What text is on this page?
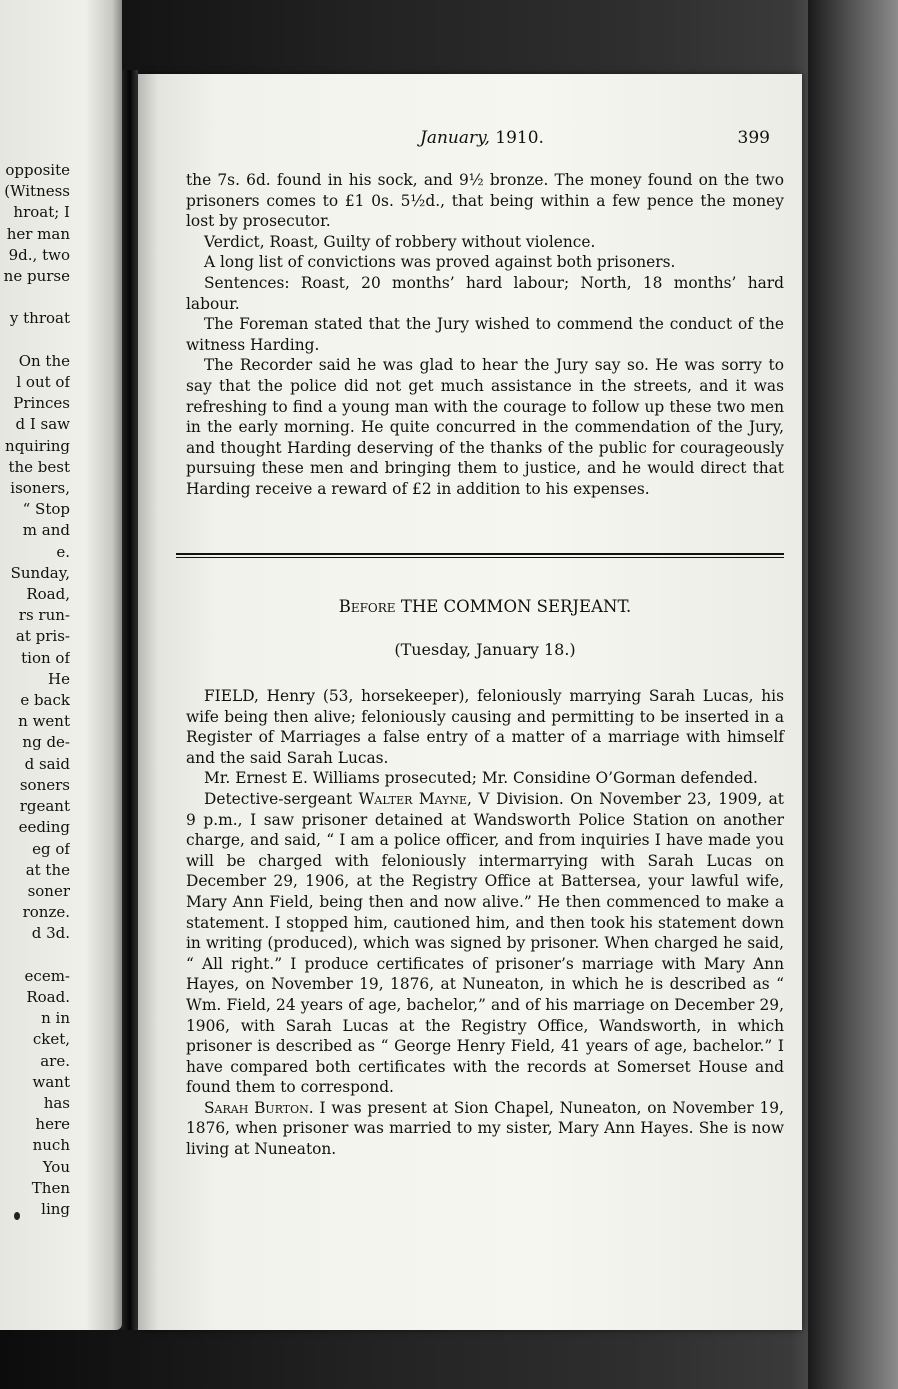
opposite
(Witness
hroat; I
her man
9d., two
ne purse

y throat

On the
l out of
Princes
d I saw
nquiring
the best
isoners,
“ Stop
m and
e.
Sunday,
Road,
rs run-
at pris-
tion of
He
e back
n went
ng de-
d said
soners
rgeant
eeding
eg of
at the
soner
ronze.
d 3d.

ecem-
Road.
n in
cket,
are.
want
has
here
nuch
You
Then
ling
January, 1910.	399

the 7s. 6d. found in his sock, and 9½ bronze. The money found on the two prisoners comes to £1 0s. 5½d., that being within a few pence the money lost by prosecutor.

Verdict, Roast, Guilty of robbery without violence.

A long list of convictions was proved against both prisoners.

Sentences: Roast, 20 months’ hard labour; North, 18 months’ hard labour.

The Foreman stated that the Jury wished to commend the conduct of the witness Harding.

The Recorder said he was glad to hear the Jury say so. He was sorry to say that the police did not get much assistance in the streets, and it was refreshing to find a young man with the courage to follow up these two men in the early morning. He quite concurred in the commendation of the Jury, and thought Harding deserving of the thanks of the public for courageously pursuing these men and bringing them to justice, and he would direct that Harding receive a reward of £2 in addition to his expenses.

Before THE COMMON SERJEANT.
(Tuesday, January 18.)

FIELD, Henry (53, horsekeeper), feloniously marrying Sarah Lucas, his wife being then alive; feloniously causing and permitting to be inserted in a Register of Marriages a false entry of a matter of a marriage with himself and the said Sarah Lucas.

Mr. Ernest E. Williams prosecuted; Mr. Considine O’Gorman defended.

Detective-sergeant Walter Mayne, V Division. On November 23, 1909, at 9 p.m., I saw prisoner detained at Wandsworth Police Station on another charge, and said, “ I am a police officer, and from inquiries I have made you will be charged with feloniously intermarrying with Sarah Lucas on December 29, 1906, at the Registry Office at Battersea, your lawful wife, Mary Ann Field, being then and now alive.” He then commenced to make a statement. I stopped him, cautioned him, and then took his statement down in writing (produced), which was signed by prisoner. When charged he said, “ All right.” I produce certificates of prisoner’s marriage with Mary Ann Hayes, on November 19, 1876, at Nuneaton, in which he is described as “ Wm. Field, 24 years of age, bachelor,” and of his marriage on December 29, 1906, with Sarah Lucas at the Registry Office, Wandsworth, in which prisoner is described as “ George Henry Field, 41 years of age, bachelor.” I have compared both certificates with the records at Somerset House and found them to correspond.

Sarah Burton. I was present at Sion Chapel, Nuneaton, on November 19, 1876, when prisoner was married to my sister, Mary Ann Hayes. She is now living at Nuneaton.
